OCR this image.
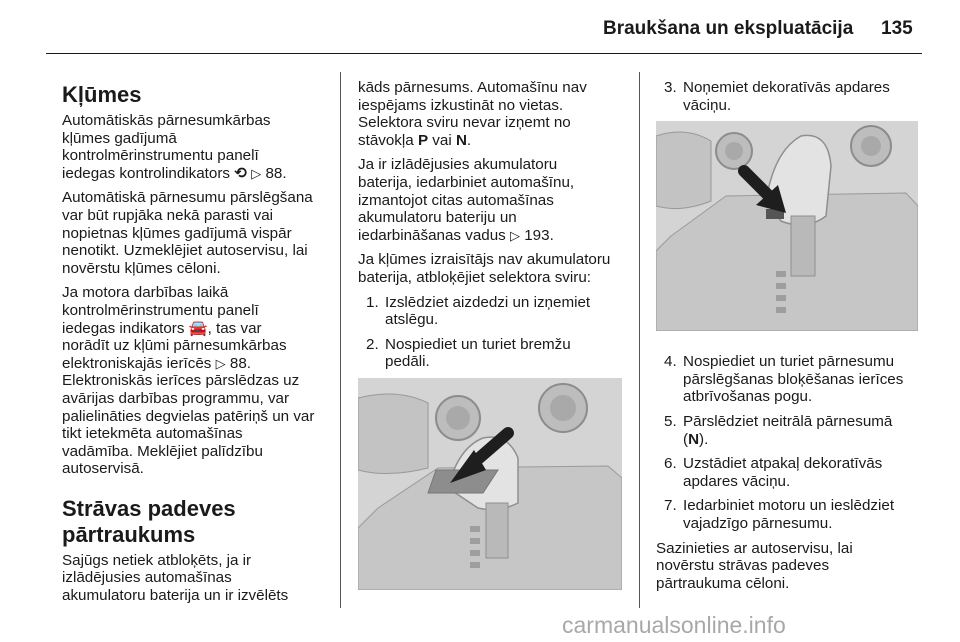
Braukšana un ekspluatācija 135
Kļūmes

Automātiskās pārnesumkārbas
kļūmes gadījumā
kontrolmērinstrumentu panelī
iedegas kontrolindikators ⟲ ▷ 88.

Automātiskā pārnesumu pārslēgšana
var būt rupjāka nekā parasti vai
nopietnas kļūmes gadījumā vispār
nenotikt. Uzmeklējiet autoservisu, lai
novērstu kļūmes cēloni.

Ja motora darbības laikā
kontrolmērinstrumentu panelī
iedegas indikators 🚘, tas var
norādīt uz kļūmi pārnesumkārbas
elektroniskajās ierīcēs ▷ 88.
Elektroniskās ierīces pārslēdzas uz
avārijas darbības programmu, var
palielināties degvielas patēriņš un var
tikt ietekmēta automašīnas
vadāmība. Meklējiet palīdzību
autoservisā.

Strāvas padeves
pārtraukums

Sajūgs netiek atbloķēts, ja ir
izlādējusies automašīnas
akumulatoru baterija un ir izvēlēts

kāds pārnesums. Automašīnu nav
iespējams izkustināt no vietas.
Selektora sviru nevar izņemt no
stāvokļa P vai N.

Ja ir izlādējusies akumulatoru
baterija, iedarbiniet automašīnu,
izmantojot citas automašīnas
akumulatoru bateriju un
iedarbināšanas vadus ▷ 193.

Ja kļūmes izraisītājs nav akumulatoru
baterija, atbloķējiet selektora sviru:

1. Izslēdziet aizdedzi un izņemiet
atslēgu.
2. Nospiediet un turiet bremžu
pedāli.
3. Noņemiet dekoratīvās apdares
vāciņu.
4. Nospiediet un turiet pārnesumu
pārslēgšanas bloķēšanas ierīces
atbrīvošanas pogu.
5. Pārslēdziet neitrālā pārnesumā
(N).
6. Uzstādiet atpakaļ dekoratīvās
apdares vāciņu.
7. Iedarbiniet motoru un ieslēdziet
vajadzīgo pārnesumu.

Sazinieties ar autoservisu, lai
novērstu strāvas padeves
pārtraukuma cēloni.

carmanualsonline.info
